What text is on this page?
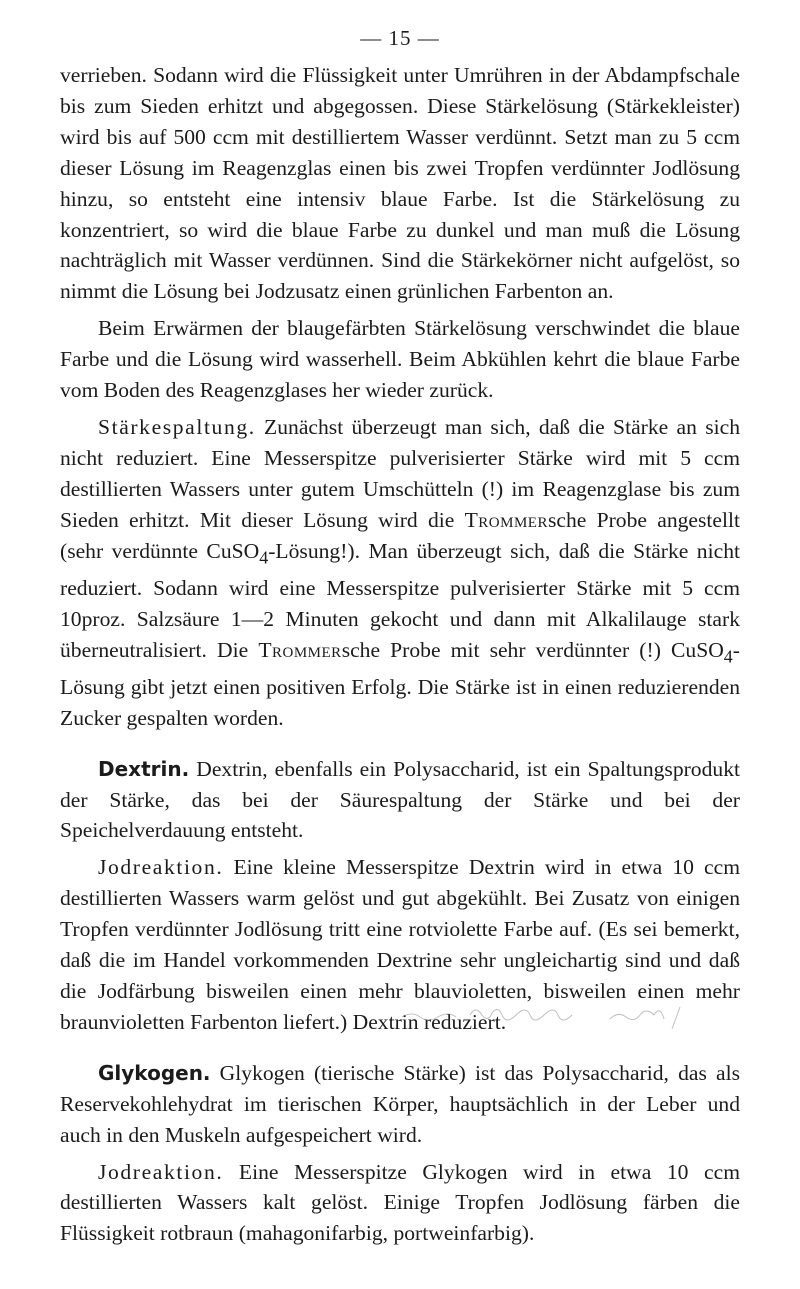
— 15 —

verrieben. Sodann wird die Flüssigkeit unter Umrühren in der Abdampfschale bis zum Sieden erhitzt und abgegossen. Diese Stärkelösung (Stärkekleister) wird bis auf 500 ccm mit destilliertem Wasser verdünnt. Setzt man zu 5 ccm dieser Lösung im Reagenzglas einen bis zwei Tropfen verdünnter Jodlösung hinzu, so entsteht eine intensiv blaue Farbe. Ist die Stärkelösung zu konzentriert, so wird die blaue Farbe zu dunkel und man muß die Lösung nachträglich mit Wasser verdünnen. Sind die Stärkekörner nicht aufgelöst, so nimmt die Lösung bei Jodzusatz einen grünlichen Farbenton an.

Beim Erwärmen der blaugefärbten Stärkelösung verschwindet die blaue Farbe und die Lösung wird wasserhell. Beim Abkühlen kehrt die blaue Farbe vom Boden des Reagenzglases her wieder zurück.

Stärkespaltung. Zunächst überzeugt man sich, daß die Stärke an sich nicht reduziert. Eine Messerspitze pulverisierter Stärke wird mit 5 ccm destillierten Wassers unter gutem Umschütteln (!) im Reagenzglase bis zum Sieden erhitzt. Mit dieser Lösung wird die Trommersche Probe angestellt (sehr verdünnte CuSO$_4$-Lösung!). Man überzeugt sich, daß die Stärke nicht reduziert. Sodann wird eine Messerspitze pulverisierter Stärke mit 5 ccm 10proz. Salzsäure 1—2 Minuten gekocht und dann mit Alkalilauge stark überneutralisiert. Die Trommersche Probe mit sehr verdünnter (!) CuSO$_4$-Lösung gibt jetzt einen positiven Erfolg. Die Stärke ist in einen reduzierenden Zucker gespalten worden.

Dextrin. Dextrin, ebenfalls ein Polysaccharid, ist ein Spaltungsprodukt der Stärke, das bei der Säurespaltung der Stärke und bei der Speichelverdauung entsteht.

Jodreaktion. Eine kleine Messerspitze Dextrin wird in etwa 10 ccm destillierten Wassers warm gelöst und gut abgekühlt. Bei Zusatz von einigen Tropfen verdünnter Jodlösung tritt eine rotviolette Farbe auf. (Es sei bemerkt, daß die im Handel vorkommenden Dextrine sehr ungleichartig sind und daß die Jodfärbung bisweilen einen mehr blauvioletten, bisweilen einen mehr braunvioletten Farbenton liefert.) Dextrin reduziert.

Glykogen. Glykogen (tierische Stärke) ist das Polysaccharid, das als Reservekohlehydrat im tierischen Körper, hauptsächlich in der Leber und auch in den Muskeln aufgespeichert wird.

Jodreaktion. Eine Messerspitze Glykogen wird in etwa 10 ccm destillierten Wassers kalt gelöst. Einige Tropfen Jodlösung färben die Flüssigkeit rotbraun (mahagonifarbig, portweinfarbig).
